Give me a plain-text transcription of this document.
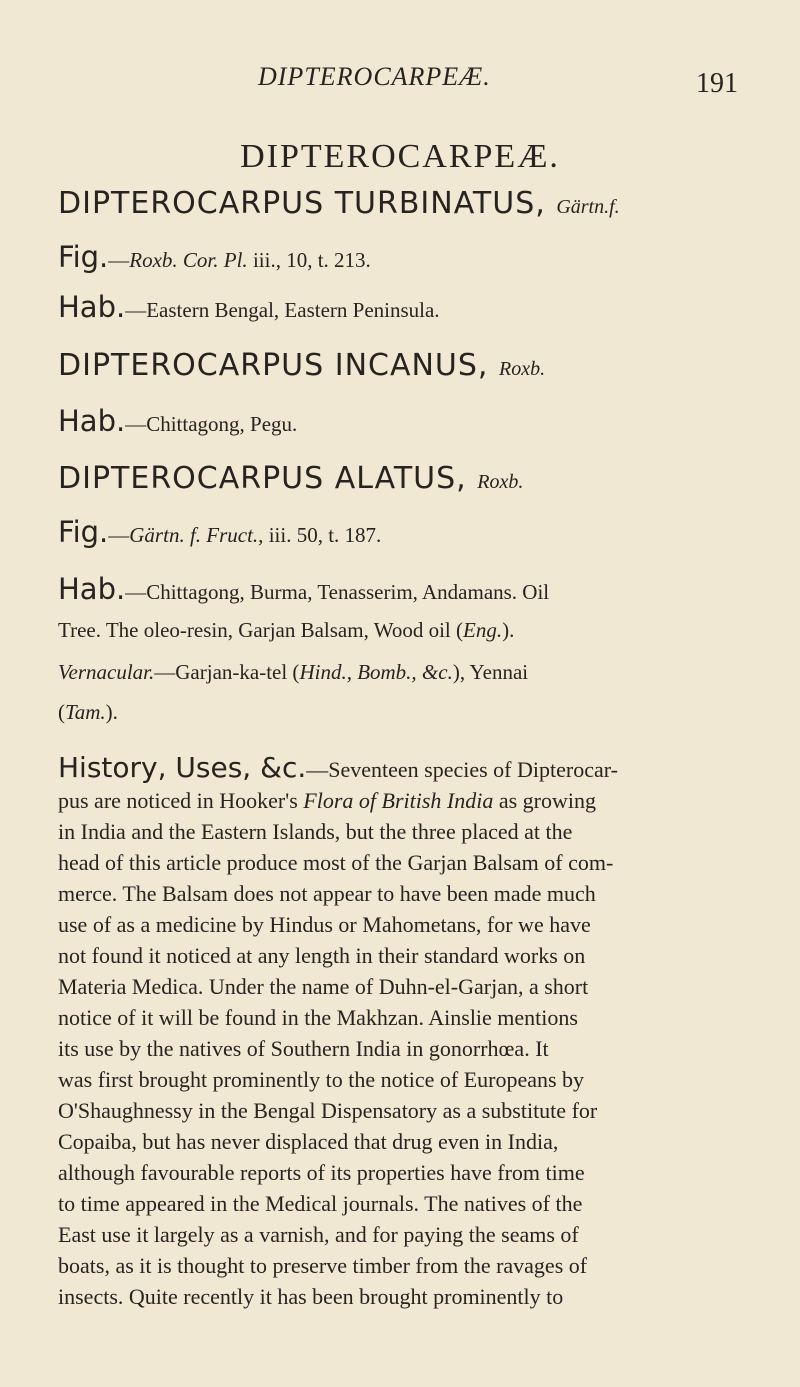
DIPTEROCARPEÆ.	191
DIPTEROCARPEÆ.
DIPTEROCARPUS TURBINATUS, Gärtn.f.
Fig.—Roxb. Cor. Pl. iii., 10, t. 213.
Hab.—Eastern Bengal, Eastern Peninsula.
DIPTEROCARPUS INCANUS, Roxb.
Hab.—Chittagong, Pegu.
DIPTEROCARPUS ALATUS, Roxb.
Fig.—Gärtn. f. Fruct., iii. 50, t. 187.
Hab.—Chittagong, Burma, Tenasserim, Andamans. Oil
Tree. The oleo-resin, Garjan Balsam, Wood oil (Eng.).
Vernacular.—Garjan-ka-tel (Hind., Bomb., &c.), Yennai
(Tam.).
History, Uses, &c.—Seventeen species of Dipterocar-
pus are noticed in Hooker's Flora of British India as growing
in India and the Eastern Islands, but the three placed at the
head of this article produce most of the Garjan Balsam of com-
merce. The Balsam does not appear to have been made much
use of as a medicine by Hindus or Mahometans, for we have
not found it noticed at any length in their standard works on
Materia Medica. Under the name of Duhn-el-Garjan, a short
notice of it will be found in the Makhzan. Ainslie mentions
its use by the natives of Southern India in gonorrhœa. It
was first brought prominently to the notice of Europeans by
O'Shaughnessy in the Bengal Dispensatory as a substitute for
Copaiba, but has never displaced that drug even in India,
although favourable reports of its properties have from time
to time appeared in the Medical journals. The natives of the
East use it largely as a varnish, and for paying the seams of
boats, as it is thought to preserve timber from the ravages of
insects. Quite recently it has been brought prominently to
